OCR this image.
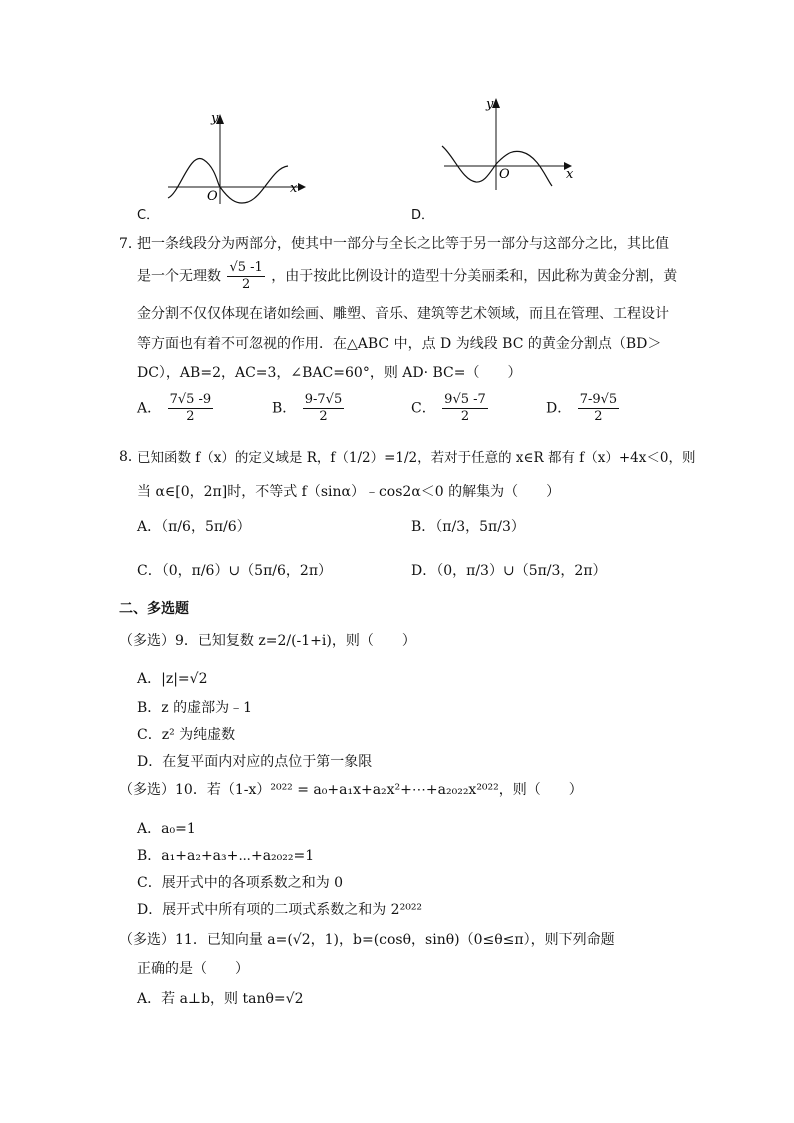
y
x
O
C．
y
x
O
D．
7．
把一条线段分为两部分，使其中一部分与全长之比等于另一部分与这部分之比，其比值
是一个无理数 $\frac{√5 -1}{2}$ ，由于按此比例设计的造型十分美丽柔和，因此称为黄金分割，黄
金分割不仅仅体现在诸如绘画、雕塑、音乐、建筑等艺术领域，而且在管理、工程设计
等方面也有着不可忽视的作用．在△ABC 中，点 D 为线段 BC 的黄金分割点（BD＞
DC），AB=2，AC=3，∠BAC=60°，则 AD· BC=（　　）
A． $\frac{7√5 -9}{2}$	B． $\frac{9-7√5}{2}$	C． $\frac{9√5 -7}{2}$	D． $\frac{7-9√5}{2}$
8．
已知函数 f（x）的定义域是 R，f（1/2）=1/2，若对于任意的 x∈R 都有 f（x）+4x＜0，则
当 α∈[0，2π]时，不等式 f（sinα）﹣cos2α＜0 的解集为（　　）
A．（π/6，5π/6）	B．（π/3，5π/3）
C．（0，π/6）∪（5π/6，2π）	D．（0，π/3）∪（5π/3，2π）
二、多选题
（多选）9．已知复数 z=2/(-1+i)，则（　　）
A．|z|=√2
B．z 的虚部为﹣1
C．z² 为纯虚数
D．在复平面内对应的点位于第一象限
（多选）10．若（1-x）²⁰²² = a₀+a₁x+a₂x²+⋯+a₂₀₂₂x²⁰²²，则（　　）
A．a₀=1
B．a₁+a₂+a₃+⋯+a₂₀₂₂=1
C．展开式中的各项系数之和为 0
D．展开式中所有项的二项式系数之和为 2²⁰²²
（多选）11．已知向量 a=(√2，1)，b=(cosθ，sinθ)（0≤θ≤π），则下列命题
正确的是（　　）
A．若 a⊥b，则 tanθ=√2
